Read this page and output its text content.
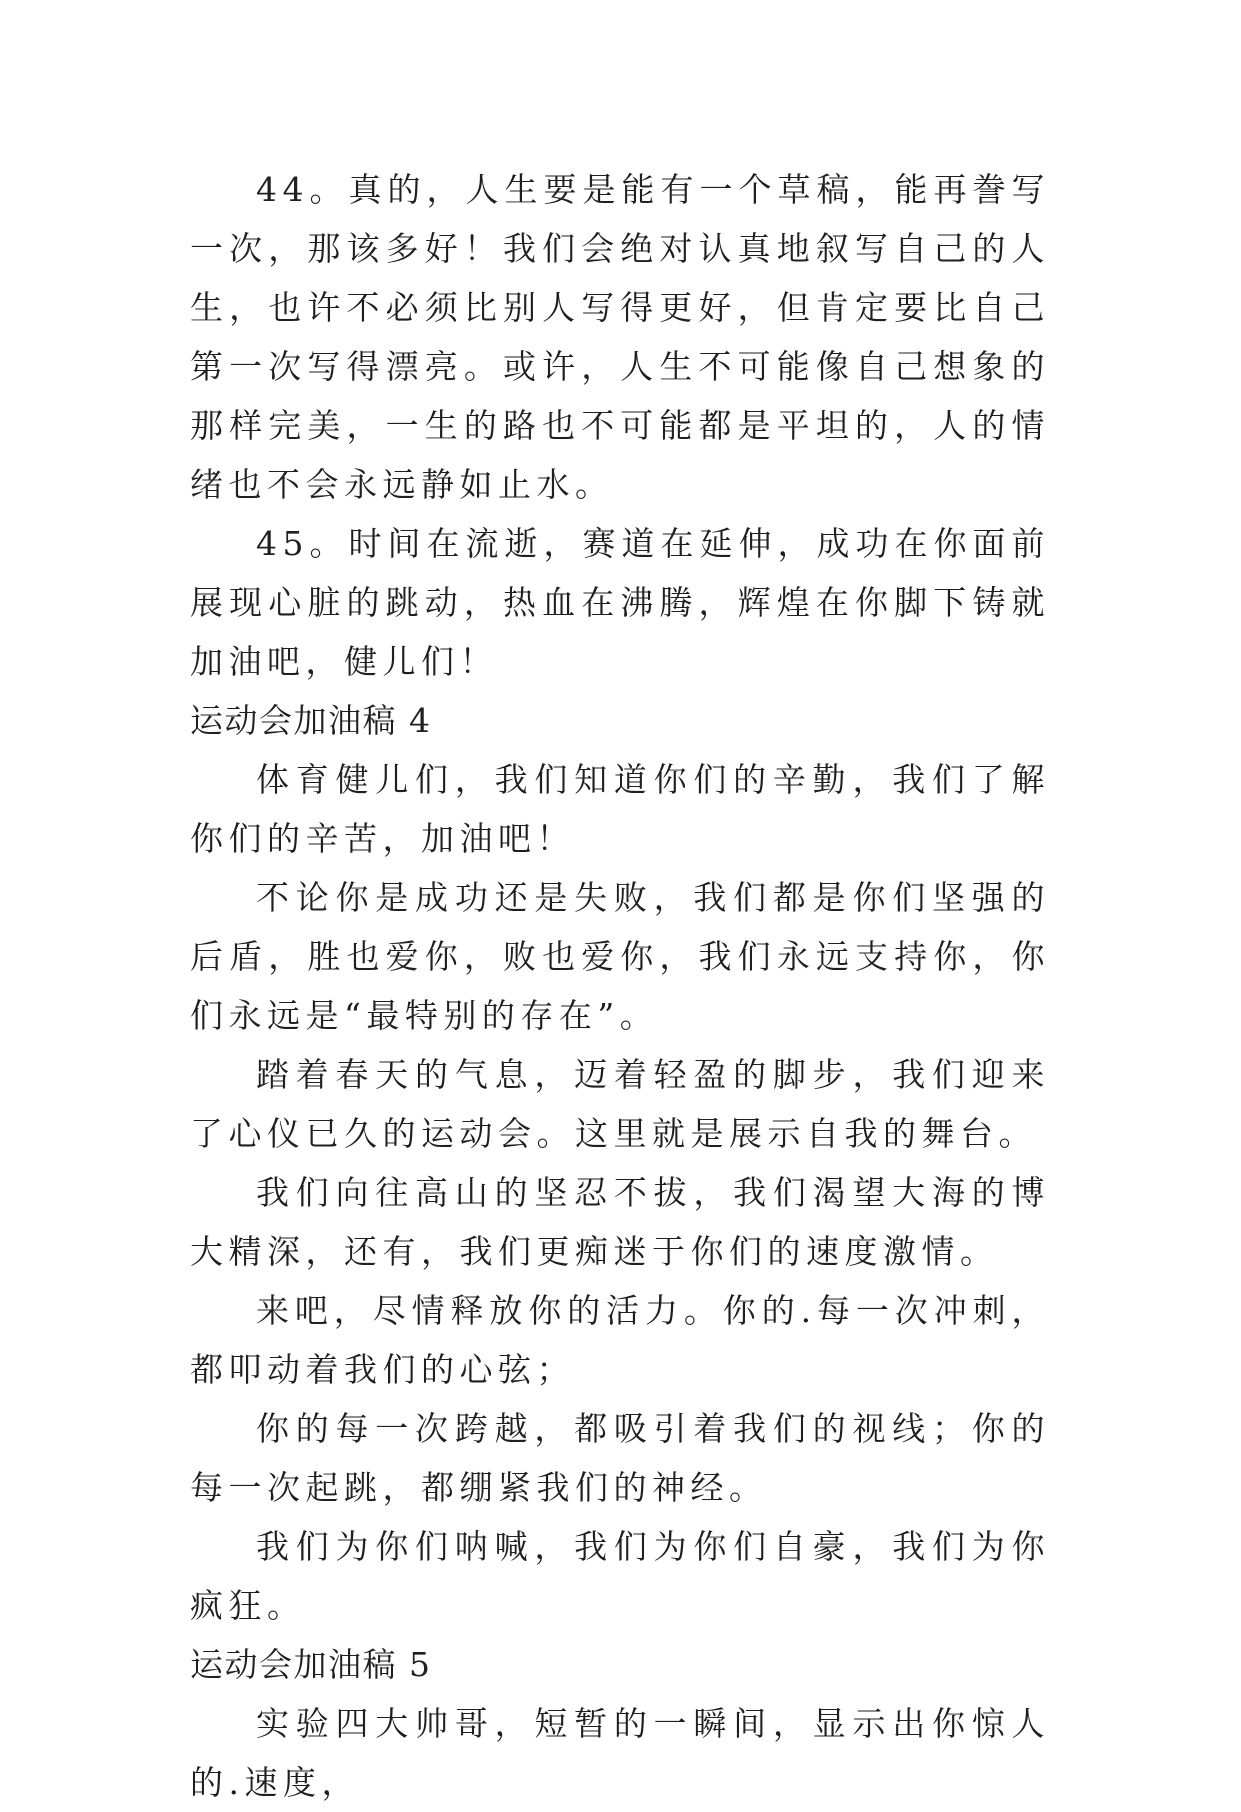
44。真的，人生要是能有一个草稿，能再誊写一次，那该多好！我们会绝对认真地叙写自己的人生，也许不必须比别人写得更好，但肯定要比自己第一次写得漂亮。或许，人生不可能像自己想象的那样完美，一生的路也不可能都是平坦的，人的情绪也不会永远静如止水。

45。时间在流逝，赛道在延伸，成功在你面前展现心脏的跳动，热血在沸腾，辉煌在你脚下铸就加油吧，健儿们！

运动会加油稿 4

体育健儿们，我们知道你们的辛勤，我们了解你们的辛苦，加油吧！

不论你是成功还是失败，我们都是你们坚强的后盾，胜也爱你，败也爱你，我们永远支持你，你们永远是“最特别的存在”。

踏着春天的气息，迈着轻盈的脚步，我们迎来了心仪已久的运动会。这里就是展示自我的舞台。

我们向往高山的坚忍不拔，我们渴望大海的博大精深，还有，我们更痴迷于你们的速度激情。

来吧，尽情释放你的活力。你的.每一次冲刺，都叩动着我们的心弦；

你的每一次跨越，都吸引着我们的视线；你的每一次起跳，都绷紧我们的神经。

我们为你们呐喊，我们为你们自豪，我们为你疯狂。

运动会加油稿 5

实验四大帅哥，短暂的一瞬间，显示出你惊人的.速度，
